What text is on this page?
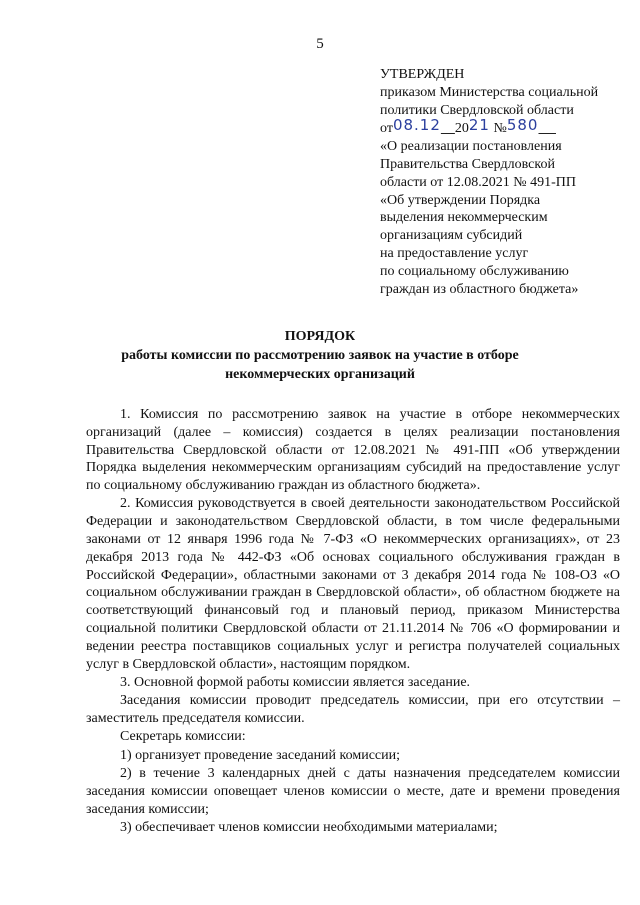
5
УТВЕРЖДЕН
приказом Министерства социальной
политики Свердловской области
от08.12 2021 №580
«О реализации постановления
Правительства Свердловской
области от 12.08.2021 № 491-ПП
«Об утверждении Порядка
выделения некоммерческим
организациям субсидий
на предоставление услуг
по социальному обслуживанию
граждан из областного бюджета»
ПОРЯДОК
работы комиссии по рассмотрению заявок на участие в отборе
некоммерческих организаций

1. Комиссия по рассмотрению заявок на участие в отборе некоммерческих организаций (далее – комиссия) создается в целях реализации постановления Правительства Свердловской области от 12.08.2021 № 491-ПП «Об утверждении Порядка выделения некоммерческим организациям субсидий на предоставление услуг по социальному обслуживанию граждан из областного бюджета».

2. Комиссия руководствуется в своей деятельности законодательством Российской Федерации и законодательством Свердловской области, в том числе федеральными законами от 12 января 1996 года № 7-ФЗ «О некоммерческих организациях», от 23 декабря 2013 года № 442-ФЗ «Об основах социального обслуживания граждан в Российской Федерации», областными законами от 3 декабря 2014 года № 108-ОЗ «О социальном обслуживании граждан в Свердловской области», об областном бюджете на соответствующий финансовый год и плановый период, приказом Министерства социальной политики Свердловской области от 21.11.2014 № 706 «О формировании и ведении реестра поставщиков социальных услуг и регистра получателей социальных услуг в Свердловской области», настоящим порядком.

3. Основной формой работы комиссии является заседание.

Заседания комиссии проводит председатель комиссии, при его отсутствии – заместитель председателя комиссии.

Секретарь комиссии:

1) организует проведение заседаний комиссии;

2) в течение 3 календарных дней с даты назначения председателем комиссии заседания комиссии оповещает членов комиссии о месте, дате и времени проведения заседания комиссии;

3) обеспечивает членов комиссии необходимыми материалами;
